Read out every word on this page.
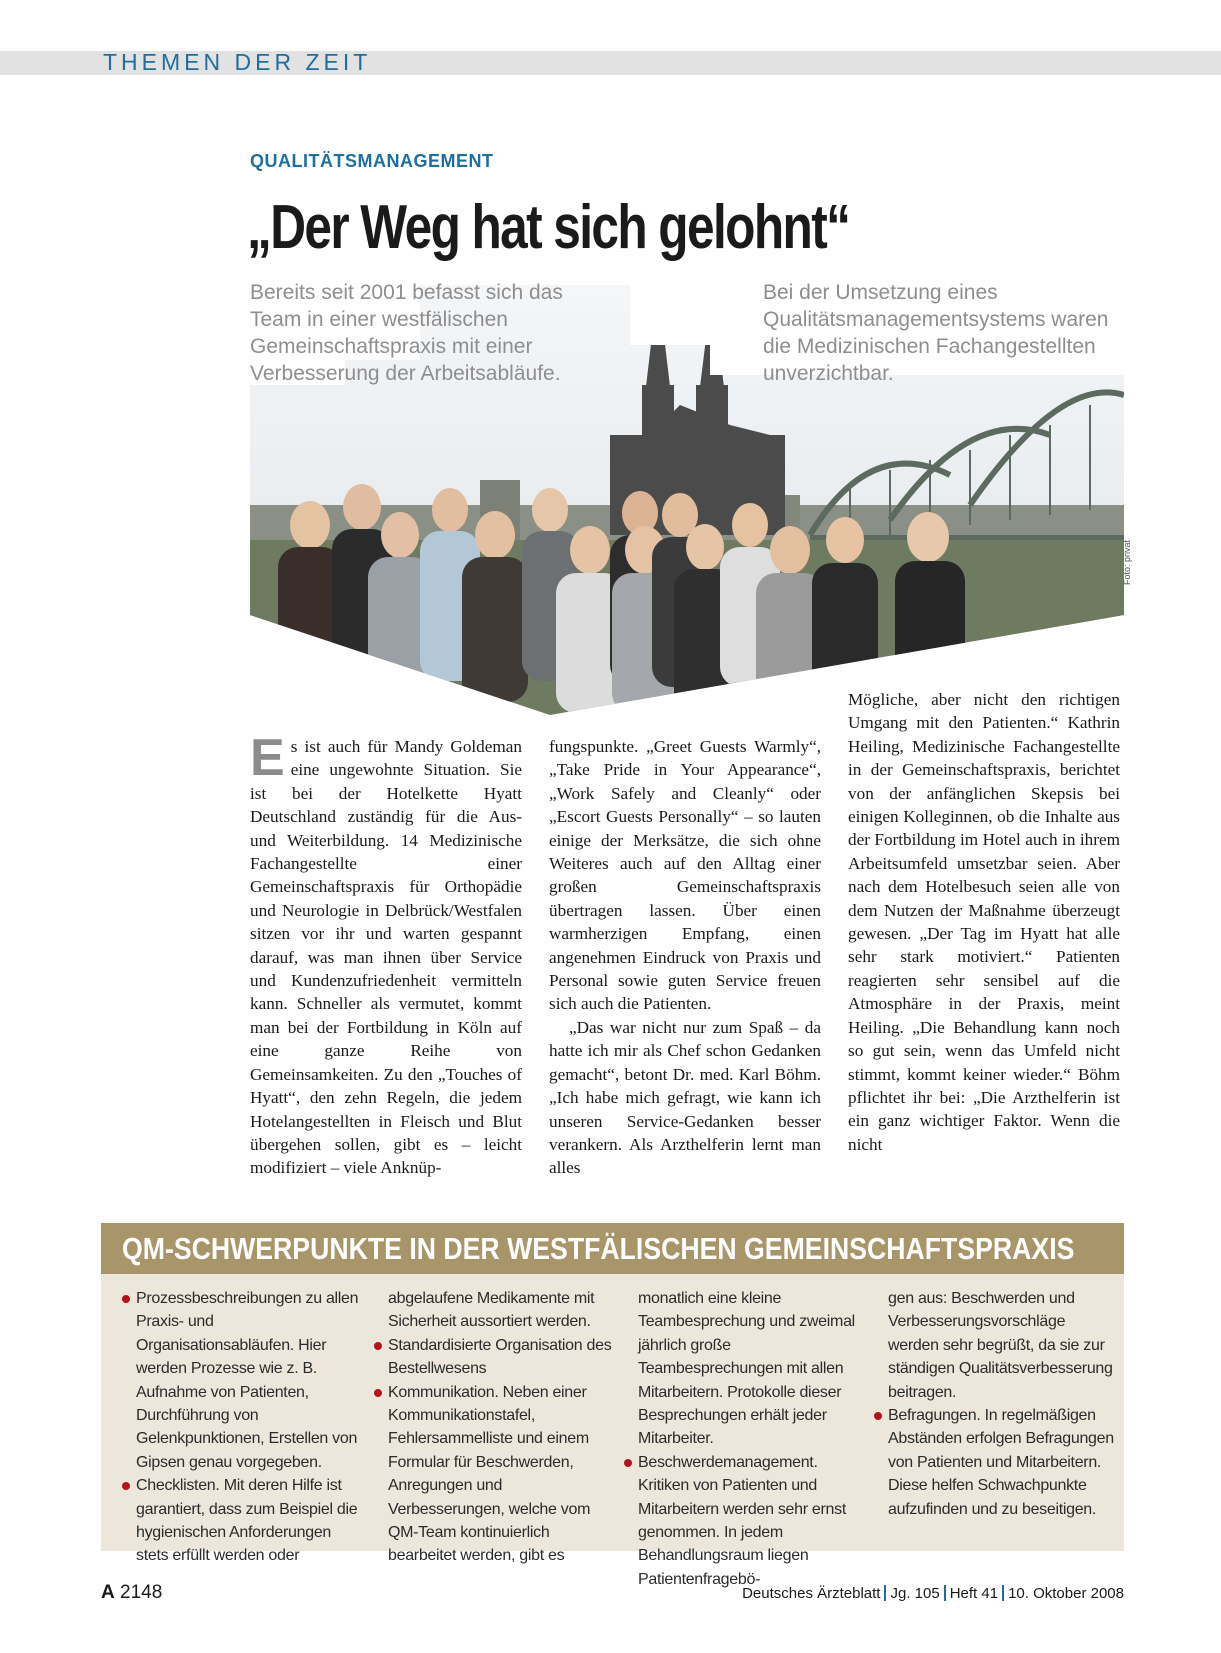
THEMEN DER ZEIT
QUALITÄTSMANAGEMENT
„Der Weg hat sich gelohnt“
Foto: privat

Bereits seit 2001 befasst sich das Team in einer westfälischen Gemeinschaftspraxis mit einer Verbesserung der Arbeitsabläufe.

Bei der Umsetzung eines Qualitätsmanagementsystems waren die Medizinischen Fachangestellten unverzichtbar.

Es ist auch für Mandy Goldeman eine ungewohnte Situation. Sie ist bei der Hotelkette Hyatt Deutschland zuständig für die Aus- und Weiterbildung. 14 Medizinische Fachangestellte einer Gemeinschaftspraxis für Orthopädie und Neurologie in Delbrück/Westfalen sitzen vor ihr und warten gespannt darauf, was man ihnen über Service und Kundenzufriedenheit vermitteln kann. Schneller als vermutet, kommt man bei der Fortbildung in Köln auf eine ganze Reihe von Gemeinsamkeiten. Zu den „Touches of Hyatt“, den zehn Regeln, die jedem Hotelangestellten in Fleisch und Blut übergehen sollen, gibt es – leicht modifiziert – viele Anknüp-

fungspunkte. „Greet Guests Warmly“, „Take Pride in Your Appearance“, „Work Safely and Cleanly“ oder „Escort Guests Personally“ – so lauten einige der Merksätze, die sich ohne Weiteres auch auf den Alltag einer großen Gemeinschaftspraxis übertragen lassen. Über einen warmherzigen Empfang, einen angenehmen Eindruck von Praxis und Personal sowie guten Service freuen sich auch die Patienten.
„Das war nicht nur zum Spaß – da hatte ich mir als Chef schon Gedanken gemacht“, betont Dr. med. Karl Böhm. „Ich habe mich gefragt, wie kann ich unseren Service-Gedanken besser verankern. Als Arzthelferin lernt man alles

Mögliche, aber nicht den richtigen Umgang mit den Patienten.“ Kathrin Heiling, Medizinische Fachangestellte in der Gemeinschaftspraxis, berichtet von der anfänglichen Skepsis bei einigen Kolleginnen, ob die Inhalte aus der Fortbildung im Hotel auch in ihrem Arbeitsumfeld umsetzbar seien. Aber nach dem Hotelbesuch seien alle von dem Nutzen der Maßnahme überzeugt gewesen. „Der Tag im Hyatt hat alle sehr stark motiviert.“ Patienten reagierten sehr sensibel auf die Atmosphäre in der Praxis, meint Heiling. „Die Behandlung kann noch so gut sein, wenn das Umfeld nicht stimmt, kommt keiner wieder.“ Böhm pflichtet ihr bei: „Die Arzthelferin ist ein ganz wichtiger Faktor. Wenn die nicht

QM-SCHWERPUNKTE IN DER WESTFÄLISCHEN GEMEINSCHAFTSPRAXIS
Prozessbeschreibungen zu allen Praxis- und Organisationsabläufen. Hier werden Prozesse wie z. B. Aufnahme von Patienten, Durchführung von Gelenkpunktionen, Erstellen von Gipsen genau vorgegeben.
Checklisten. Mit deren Hilfe ist garantiert, dass zum Beispiel die hygienischen Anforderungen stets erfüllt werden oder
abgelaufene Medikamente mit Sicherheit aussortiert werden.
Standardisierte Organisation des Bestellwesens
Kommunikation. Neben einer Kommunikationstafel, Fehlersammelliste und einem Formular für Beschwerden, Anregungen und Verbesserungen, welche vom QM-Team kontinuierlich bearbeitet werden, gibt es
monatlich eine kleine Teambesprechung und zweimal jährlich große Teambesprechungen mit allen Mitarbeitern. Protokolle dieser Besprechungen erhält jeder Mitarbeiter.
Beschwerdemanagement. Kritiken von Patienten und Mitarbeitern werden sehr ernst genommen. In jedem Behandlungsraum liegen Patientenfragebö-
gen aus: Beschwerden und Verbesserungsvorschläge werden sehr begrüßt, da sie zur ständigen Qualitätsverbesserung beitragen.
Befragungen. In regelmäßigen Abständen erfolgen Befragungen von Patienten und Mitarbeitern. Diese helfen Schwachpunkte aufzufinden und zu beseitigen.
A 2148	Deutsches Ärzteblatt Jg. 105 Heft 41 10. Oktober 2008
